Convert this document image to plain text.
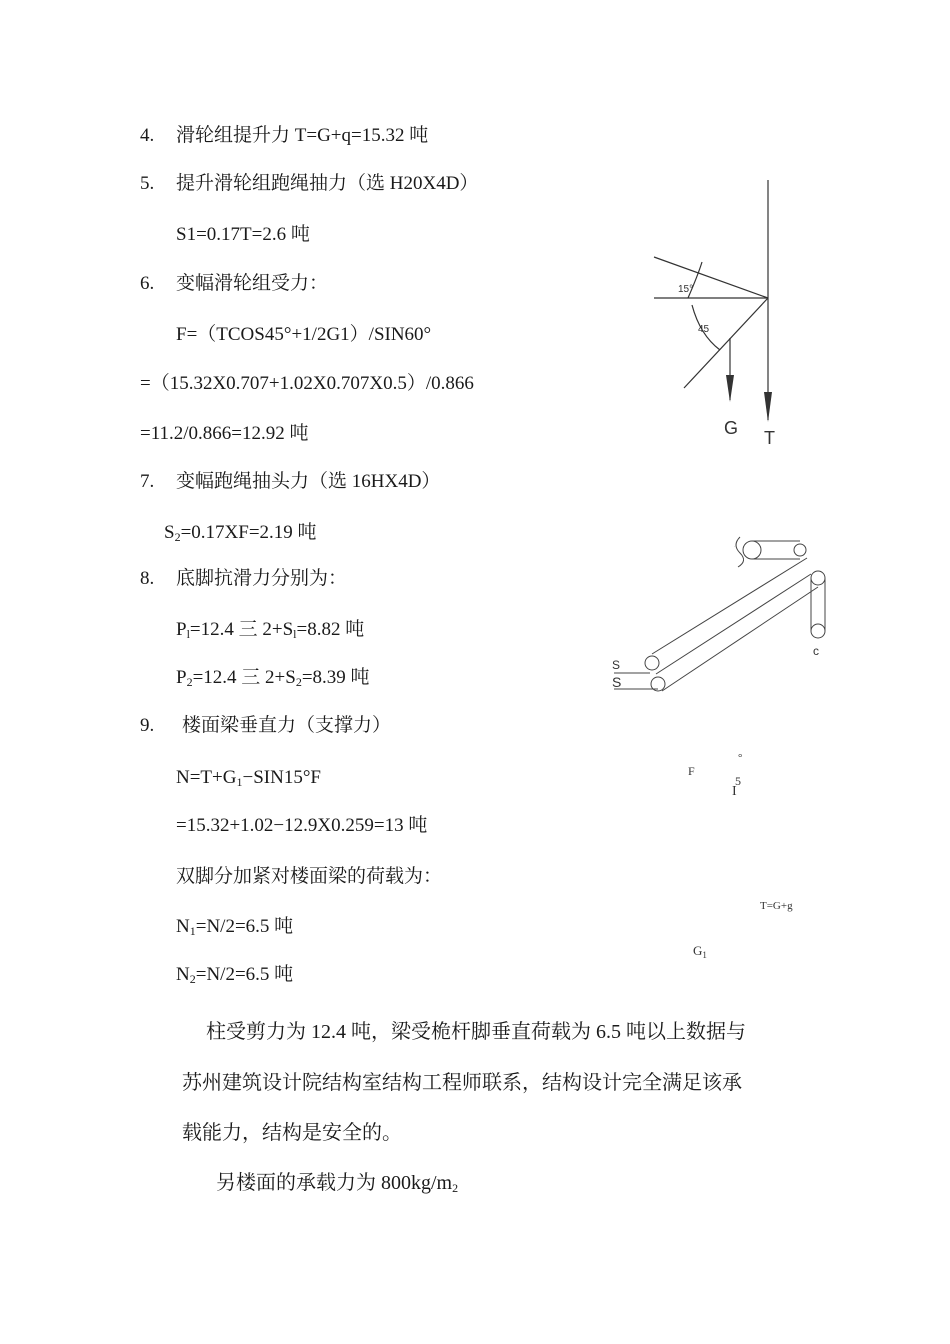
4. 滑轮组提升力 T=G+q=15.32 吨
5. 提升滑轮组跑绳抽力（选 H20X4D）
S1=0.17T=2.6 吨
6. 变幅滑轮组受力：
F=（TCOS45°+1/2G1）/SIN60°
=（15.32X0.707+1.02X0.707X0.5）/0.866
=11.2/0.866=12.92 吨
7. 变幅跑绳抽头力（选 16HX4D）
$S_2=0.17XF=2.19$ 吨
8. 底脚抗滑力分别为：
$P_l=12.4$ 三 $2+S_l=8.82$ 吨
$P_2=12.4$ 三 $2+S_2=8.39$ 吨
9. 楼面梁垂直力（支撑力）
$N=T+G_1-SIN15^\circ F$
=15.32+1.02−12.9X0.259=13 吨
双脚分加紧对楼面梁的荷载为：
$N_1=N/2=6.5$ 吨
$N_2=N/2=6.5$ 吨
柱受剪力为 12.4 吨，梁受桅杆脚垂直荷载为 6.5 吨以上数据与
苏州建筑设计院结构室结构工程师联系，结构设计完全满足该承
载能力，结构是安全的。
另楼面的承载力为 $800kg/m_2$
15°
45
G T
S
S
S
c
F
°
5
I
T=G+g
$G_1$
